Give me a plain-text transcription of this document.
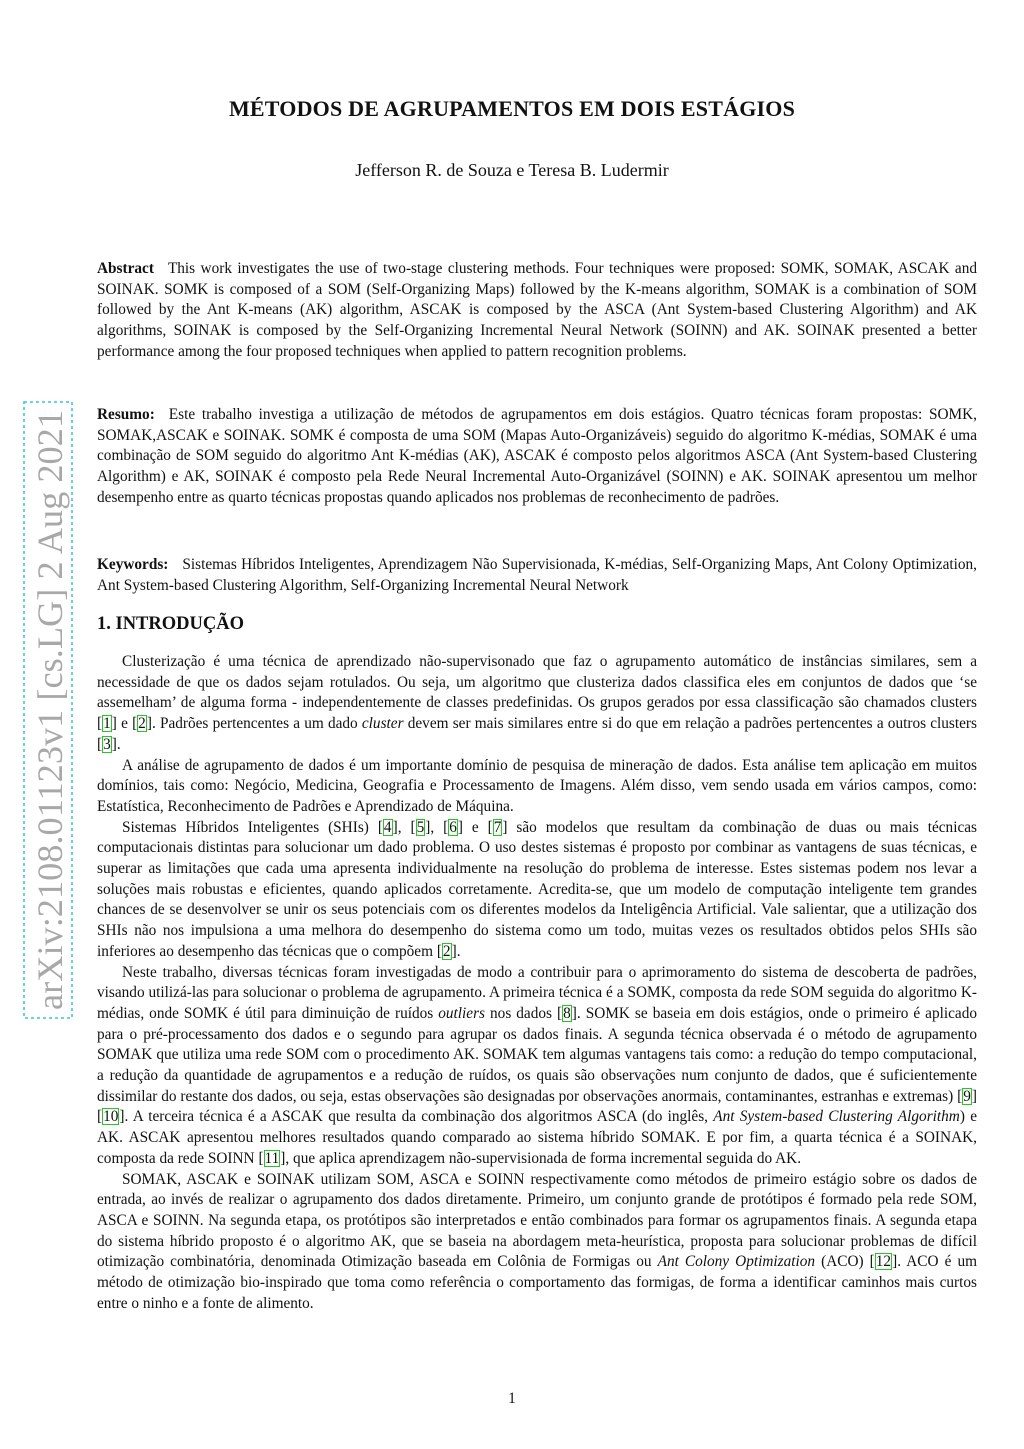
arXiv:2108.01123v1 [cs.LG] 2 Aug 2021
MÉTODOS DE AGRUPAMENTOS EM DOIS ESTÁGIOS
Jefferson R. de Souza e Teresa B. Ludermir

Abstract This work investigates the use of two-stage clustering methods. Four techniques were proposed: SOMK, SOMAK, ASCAK and SOINAK. SOMK is composed of a SOM (Self-Organizing Maps) followed by the K-means algorithm, SOMAK is a combination of SOM followed by the Ant K-means (AK) algorithm, ASCAK is composed by the ASCA (Ant System-based Clustering Algorithm) and AK algorithms, SOINAK is composed by the Self-Organizing Incremental Neural Network (SOINN) and AK. SOINAK presented a better performance among the four proposed techniques when applied to pattern recognition problems.

Resumo: Este trabalho investiga a utilização de métodos de agrupamentos em dois estágios. Quatro técnicas foram propostas: SOMK, SOMAK,ASCAK e SOINAK. SOMK é composta de uma SOM (Mapas Auto-Organizáveis) seguido do algoritmo K-médias, SOMAK é uma combinação de SOM seguido do algoritmo Ant K-médias (AK), ASCAK é composto pelos algoritmos ASCA (Ant System-based Clustering Algorithm) e AK, SOINAK é composto pela Rede Neural Incremental Auto-Organizável (SOINN) e AK. SOINAK apresentou um melhor desempenho entre as quarto técnicas propostas quando aplicados nos problemas de reconhecimento de padrões.

Keywords: Sistemas Híbridos Inteligentes, Aprendizagem Não Supervisionada, K-médias, Self-Organizing Maps, Ant Colony Optimization, Ant System-based Clustering Algorithm, Self-Organizing Incremental Neural Network

1. INTRODUÇÃO

Clusterização é uma técnica de aprendizado não-supervisonado que faz o agrupamento automático de instâncias similares, sem a necessidade de que os dados sejam rotulados. Ou seja, um algoritmo que clusteriza dados classifica eles em conjuntos de dados que ‘se assemelham’ de alguma forma - independentemente de classes predefinidas. Os grupos gerados por essa classificação são chamados clusters [1] e [2]. Padrões pertencentes a um dado cluster devem ser mais similares entre si do que em relação a padrões pertencentes a outros clusters [3].

A análise de agrupamento de dados é um importante domínio de pesquisa de mineração de dados. Esta análise tem aplicação em muitos domínios, tais como: Negócio, Medicina, Geografia e Processamento de Imagens. Além disso, vem sendo usada em vários campos, como: Estatística, Reconhecimento de Padrões e Aprendizado de Máquina.

Sistemas Híbridos Inteligentes (SHIs) [4], [5], [6] e [7] são modelos que resultam da combinação de duas ou mais técnicas computacionais distintas para solucionar um dado problema. O uso destes sistemas é proposto por combinar as vantagens de suas técnicas, e superar as limitações que cada uma apresenta individualmente na resolução do problema de interesse. Estes sistemas podem nos levar a soluções mais robustas e eficientes, quando aplicados corretamente. Acredita-se, que um modelo de computação inteligente tem grandes chances de se desenvolver se unir os seus potenciais com os diferentes modelos da Inteligência Artificial. Vale salientar, que a utilização dos SHIs não nos impulsiona a uma melhora do desempenho do sistema como um todo, muitas vezes os resultados obtidos pelos SHIs são inferiores ao desempenho das técnicas que o compõem [2].

Neste trabalho, diversas técnicas foram investigadas de modo a contribuir para o aprimoramento do sistema de descoberta de padrões, visando utilizá-las para solucionar o problema de agrupamento. A primeira técnica é a SOMK, composta da rede SOM seguida do algoritmo K-médias, onde SOMK é útil para diminuição de ruídos outliers nos dados [8]. SOMK se baseia em dois estágios, onde o primeiro é aplicado para o pré-processamento dos dados e o segundo para agrupar os dados finais. A segunda técnica observada é o método de agrupamento SOMAK que utiliza uma rede SOM com o procedimento AK. SOMAK tem algumas vantagens tais como: a redução do tempo computacional, a redução da quantidade de agrupamentos e a redução de ruídos, os quais são observações num conjunto de dados, que é suficientemente dissimilar do restante dos dados, ou seja, estas observações são designadas por observações anormais, contaminantes, estranhas e extremas) [9] [10]. A terceira técnica é a ASCAK que resulta da combinação dos algoritmos ASCA (do inglês, Ant System-based Clustering Algorithm) e AK. ASCAK apresentou melhores resultados quando comparado ao sistema híbrido SOMAK. E por fim, a quarta técnica é a SOINAK, composta da rede SOINN [11], que aplica aprendizagem não-supervisionada de forma incremental seguida do AK.

SOMAK, ASCAK e SOINAK utilizam SOM, ASCA e SOINN respectivamente como métodos de primeiro estágio sobre os dados de entrada, ao invés de realizar o agrupamento dos dados diretamente. Primeiro, um conjunto grande de protótipos é formado pela rede SOM, ASCA e SOINN. Na segunda etapa, os protótipos são interpretados e então combinados para formar os agrupamentos finais. A segunda etapa do sistema híbrido proposto é o algoritmo AK, que se baseia na abordagem meta-heurística, proposta para solucionar problemas de difícil otimização combinatória, denominada Otimização baseada em Colônia de Formigas ou Ant Colony Optimization (ACO) [12]. ACO é um método de otimização bio-inspirado que toma como referência o comportamento das formigas, de forma a identificar caminhos mais curtos entre o ninho e a fonte de alimento.

1
